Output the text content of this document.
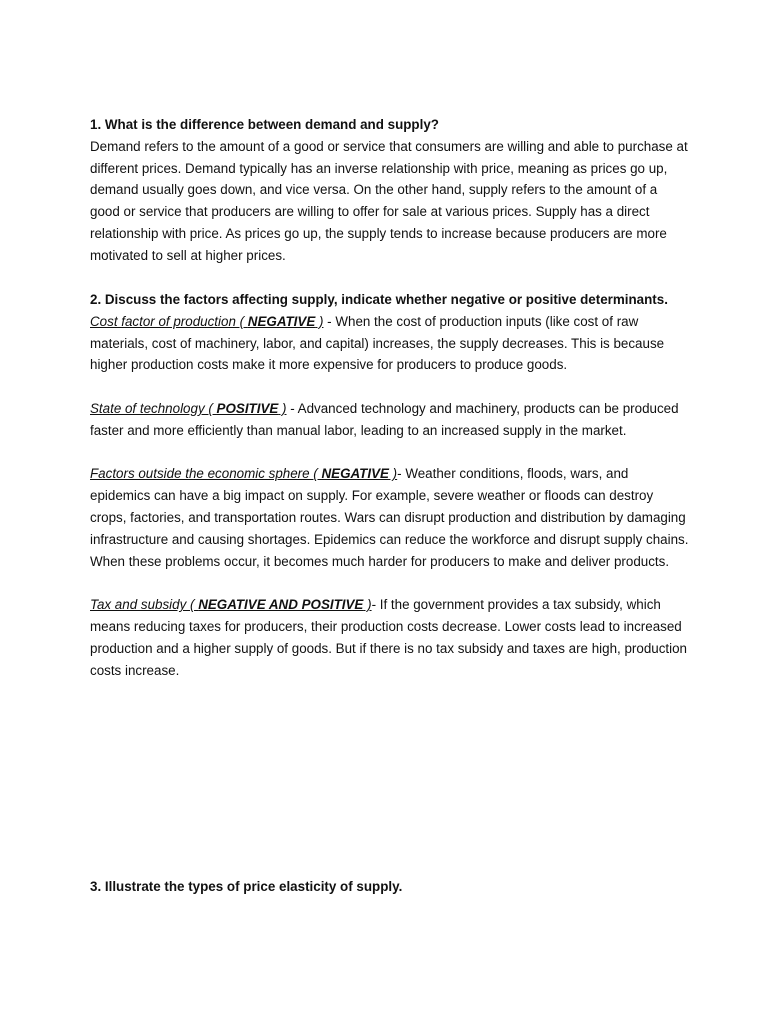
1. What is the difference between demand and supply?

Demand refers to the amount of a good or service that consumers are willing and able to purchase at different prices. Demand typically has an inverse relationship with price, meaning as prices go up, demand usually goes down, and vice versa. On the other hand, supply refers to the amount of a good or service that producers are willing to offer for sale at various prices. Supply has a direct relationship with price. As prices go up, the supply tends to increase because producers are more motivated to sell at higher prices.

2. Discuss the factors affecting supply, indicate whether negative or positive determinants.

Cost factor of production ( NEGATIVE ) - When the cost of production inputs (like cost of raw materials, cost of machinery, labor, and capital) increases, the supply decreases. This is because higher production costs make it more expensive for producers to produce goods.

State of technology ( POSITIVE ) - Advanced technology and machinery, products can be produced faster and more efficiently than manual labor, leading to an increased supply in the market.

Factors outside the economic sphere ( NEGATIVE )- Weather conditions, floods, wars, and epidemics can have a big impact on supply. For example, severe weather or floods can destroy crops, factories, and transportation routes. Wars can disrupt production and distribution by damaging infrastructure and causing shortages. Epidemics can reduce the workforce and disrupt supply chains. When these problems occur, it becomes much harder for producers to make and deliver products.

Tax and subsidy ( NEGATIVE AND POSITIVE )- If the government provides a tax subsidy, which means reducing taxes for producers, their production costs decrease. Lower costs lead to increased production and a higher supply of goods. But if there is no tax subsidy and taxes are high, production costs increase.

3. Illustrate the types of price elasticity of supply.
